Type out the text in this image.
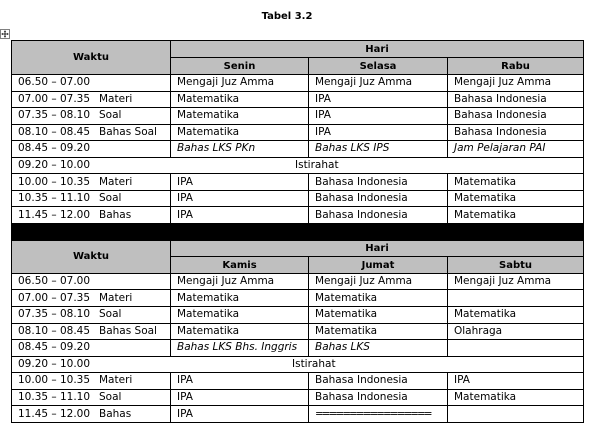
Tabel 3.2
Waktu	Hari		
	Senin	Selasa	Rabu
06.50 – 07.00	Mengaji Juz Amma	Mengaji Juz Amma	Mengaji Juz Amma
07.00 – 07.35 Materi	Matematika	IPA	Bahasa Indonesia
07.35 – 08.10 Soal	Matematika	IPA	Bahasa Indonesia
08.10 – 08.45 Bahas Soal	Matematika	IPA	Bahasa Indonesia
08.45 – 09.20	Bahas LKS PKn	Bahas LKS IPS	Jam Pelajaran PAI
09.20 – 10.00 Istirahat			
10.00 – 10.35 Materi	IPA	Bahasa Indonesia	Matematika
10.35 – 11.10 Soal	IPA	Bahasa Indonesia	Matematika
11.45 – 12.00 Bahas	IPA	Bahasa Indonesia	Matematika

Waktu	Hari		
	Kamis	Jumat	Sabtu
06.50 – 07.00	Mengaji Juz Amma	Mengaji Juz Amma	Mengaji Juz Amma
07.00 – 07.35 Materi	Matematika	Matematika	
07.35 – 08.10 Soal	Matematika	Matematika	Matematika
08.10 – 08.45 Bahas Soal	Matematika	Matematika	Olahraga
08.45 – 09.20	Bahas LKS Bhs. Inggris	Bahas LKS	
09.20 – 10.00 Istirahat			
10.00 – 10.35 Materi	IPA	Bahasa Indonesia	IPA
10.35 – 11.10 Soal	IPA	Bahasa Indonesia	Matematika
11.45 – 12.00 Bahas	IPA	=================	
